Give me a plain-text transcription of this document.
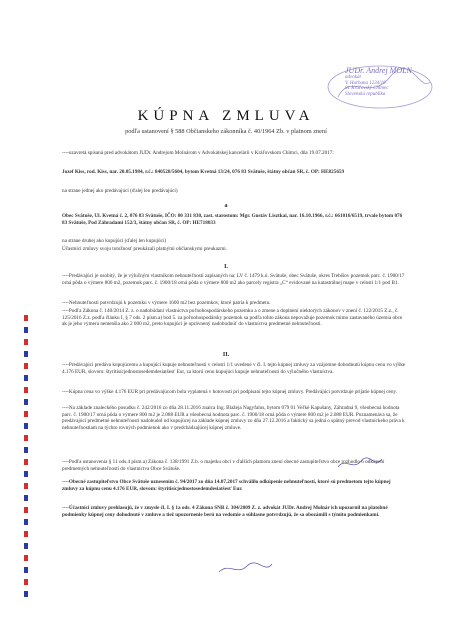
JUDr. Andrej MOLN
advokát
V. Hurbana 1234/16
01 Kráľovský Chlmec
Slovenská republika
KÚPNA ZMLUVA
podľa ustanovení § 588 Občianskeho zákonníka č. 40/1964 Zb. v platnom znení
----uzavretá spísaná pred advokátom JUDr. Andrejom Molnárom v Advokátskej kancelárii v Kráľovskom Chlmci, dňa 19.07.2017:
Jozef Kiss, rod. Kiss, nar. 20.05.1984, r.č.: 840520/5604, bytom Kvetná 13/24, 076 83 Svätuše, štátny občan SR, č. OP: HE825659
na strane jednej ako predávajúci (ďalej len predávajúci)
a
Obec Svätuše, Ul. Kvetná č. 2, 076 83 Svätuše, IČO: 00 331 830, zast. starostom: Mgr. Gustáv Lisztkai, nar. 16.10.1966, r.č.: 661016/6519, trvale bytom 076 83 Svätuše, Pod Záhradami 152/3, štátny občan SR, č. OP: HE718033
na strane druhej ako kupujúci (ďalej len kupujúci)
Účastníci zmluvy svoju totožnosť preukázali platnými občianskymi preukazmi.
I.
----Predávajúci je osobitý, že je výlučným vlastníkom nehnuteľností zapísaných na: LV č. 1479 k.ú. Svätuše, obec Svätuše, okres Trebišov pozemok parc. č. 1900/17 orná pôda o výmere 800 m2, pozemok parc. č. 1900/18 orná pôda o výmere 800 m2 ako parcely registra „C“ evidované na katastrálnej mape v celosti 1/1 pod B1.
----Nehnuteľnosti potvrdzujú k pozemku v výmere 1600 m2 bez pozemkov, ktoré patria k predmetu.
----Podľa Zákona č. 140/2014 Z. z. o nadobúdaní vlastníctva poľnohospodárskeho pozemku a o zmene a doplnení niektorých zákonov v znení č. 122/2015 Z.z., č. 125/2016 Z.z. podľa článku I, § 7 ods. 2 písm.a) bod 5. za poľnohospodársky pozemok sa podľa tohto zákona nepovažuje pozemok mimo zastavaného územia obce ak je jeho výmera nemenšia ako 2 000 m2, preto kupujúci je oprávnený nadobudnúť do vlastníctva predmetné nehnuteľnosti.
II.
----Predávajúci predáva kupujúcemu a kupujúci kupuje nehnuteľnosti v celosti 1/1 uvedené v čl. I. tejto kúpnej zmluvy za vzájomne dohodnutú kúpnu cenu vo výške 4.176 EUR, slovom: štyritisícjednostosedemdesiatšesť Eur, za ktorú cenu kupujúci kupuje nehnuteľnosti do výlučného vlastníctva.
----Kúpna cena vo výške 4.176 EUR pri predávajúcom bola vyplatená v hotovosti pri podpísaní tejto kúpnej zmluvy. Predávajúci potvrdzuje prijatie kúpnej ceny.
----Na základe znaleckého posudku č. 242/2016 zo dňa 28.11.2016 znalca Ing. Blažeja Nagyfalus, bytom 079 01 Veľké Kapušany, Záhradná 9, všeobecná hodnota parc. č. 1900/17 orná pôda o výmere 800 m2 je 2.088 EUR a všeobecná hodnota parc. č. 1900/18 orná pôda o výmere 800 m2 je 2.088 EUR. Poznamenáva sa, že predávajúci predmetné nehnuteľnosti nadobudol od kupujúcej na základe kúpnej zmluvy zo dňa 27.12.2016 a faktický sa jedná o spätný prevod vlastníckeho práva k nehnuteľnostiam na týchto rovných podmienok ako v predchádzajúcej kúpnej zmluve.
----Podľa ustanovenia § 11 ods.4 písm.a) Zákona č. 138/1991 Z.b. o majetku obcí v ďalších platnom znení obecné zastupiteľstvo obce rozhodlo o odkúpení predmetných nehnuteľností do vlastníctva Obce Svätuše.
----Obecné zastupiteľstvo Obce Svätuše uznesením č. 94/2017 zo dňa 14.07.2017 schválilo odkúpenie nehnuteľností, ktoré sú predmetom tejto kúpnej zmluvy za kúpnu cenu 4.176 EUR, slovom: štyritisícjednostosedemdesiatšesť Eur.
----Účastníci zmluvy prehlasujú, že v zmysle čl. I. § 1a ods. 4 Zákona SNR č. 304/2009 Z. z. advokát JUDr. Andrej Molnár ich upozornil na platobné podmienky kúpnej ceny dohodnuté v zmluve a tiež upozornenie berú na vedomie a súhlasne potvrdzujú, že sa obozámili s týmito podmienkami.
